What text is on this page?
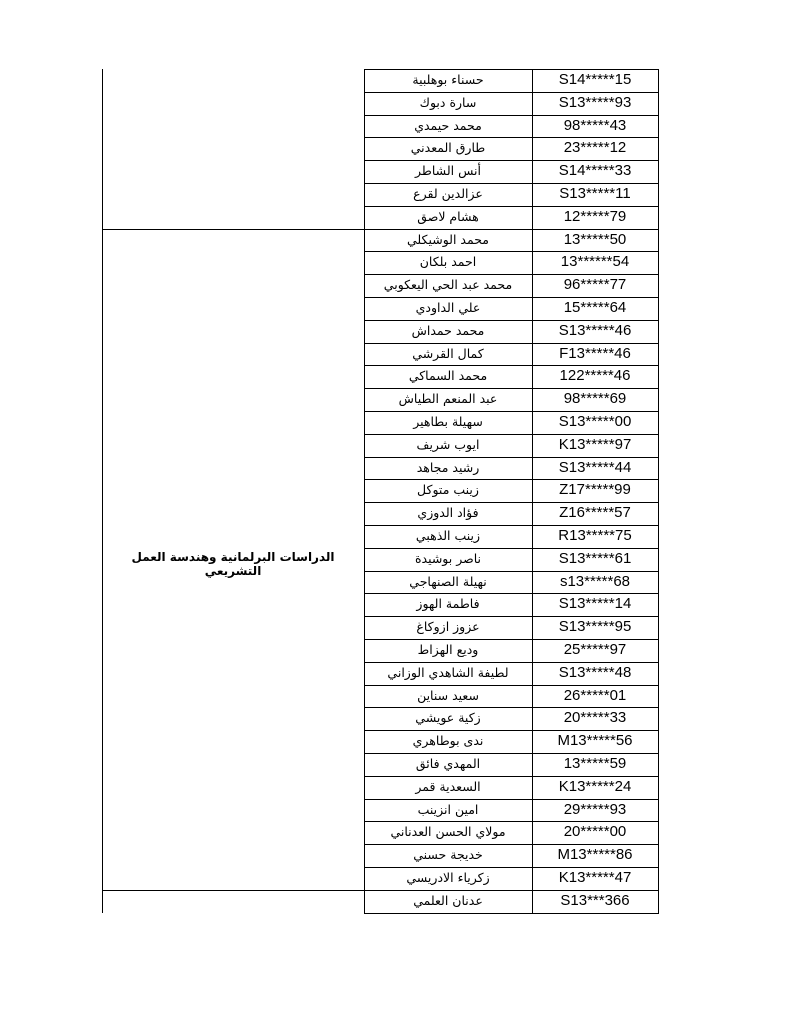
S14*****15
حسناء بوهلبية
S13*****93
سارة دبوك
98*****43
محمد حيمدي
23*****12
طارق المعدني
S14*****33
أنس الشاطر
S13*****11
عزالدين لقرع
12*****79
هشام لاصق
13*****50
محمد الوشيكلي
13******54
احمد بلكان
96*****77
محمد عبد الحي اليعكوبي
15*****64
علي الداودي
S13*****46
محمد حمداش
F13*****46
كمال القرشي
122*****46
محمد السماكي
98*****69
عبد المنعم الطياش
S13*****00
سهيلة بطاهير
K13*****97
ايوب شريف
S13*****44
رشيد مجاهد
Z17*****99
زينب متوكل
Z16*****57
فؤاد الدوزي
R13*****75
زينب الذهبي
S13*****61
ناصر بوشيدة
s13*****68
نهيلة الصنهاجي
S13*****14
فاطمة الهوز
S13*****95
عزوز ازوكاغ
25*****97
وديع الهزاط
S13*****48
لطيفة الشاهدي الوزاني
26*****01
سعيد سناين
20*****33
زكية عويشي
M13*****56
ندى بوطاهري
13*****59
المهدي فائق
K13*****24
السعدية قمر
29*****93
امين انزينب
20*****00
مولاي الحسن العدناني
M13*****86
خديجة حسني
K13*****47
زكرياء الادريسي
S13***366
عدنان العلمي
الدراسات البرلمانية وهندسة العمل التشريعي
